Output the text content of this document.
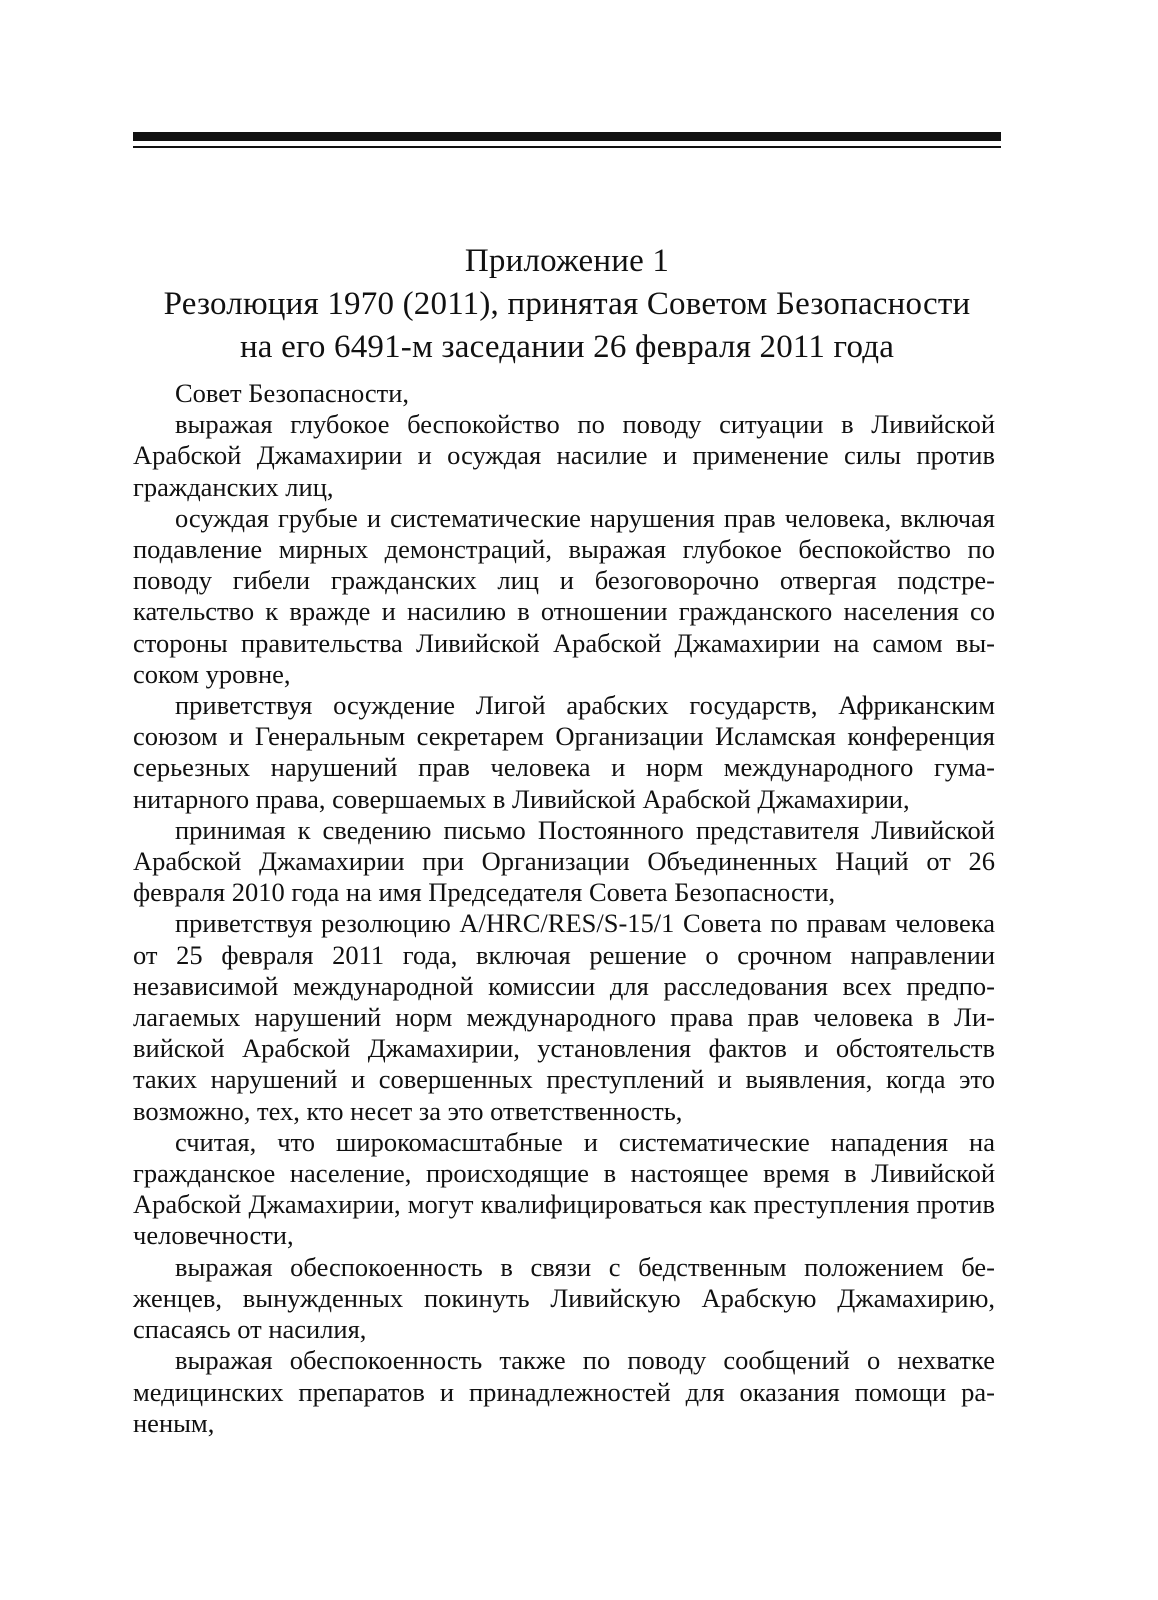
Приложение 1
Резолюция 1970 (2011), принятая Советом Безопасности
на его 6491-м заседании 26 февраля 2011 года

Совет Безопасности,

выражая глубокое беспокойство по поводу ситуации в Ливийской Арабской Джамахирии и осуждая насилие и применение силы против гражданских лиц,

осуждая грубые и систематические нарушения прав человека, включая подавление мирных демонстраций, выражая глубокое беспокойство по поводу гибели гражданских лиц и безоговорочно отвергая подстрекательство к вражде и насилию в отношении гражданского населения со стороны правительства Ливийской Арабской Джамахирии на самом высоком уровне,

приветствуя осуждение Лигой арабских государств, Африканским союзом и Генеральным секретарем Организации Исламская конференция серьезных нарушений прав человека и норм международного гуманитарного права, совершаемых в Ливийской Арабской Джамахирии,

принимая к сведению письмо Постоянного представителя Ливийской Арабской Джамахирии при Организации Объединенных Наций от 26 февраля 2010 года на имя Председателя Совета Безопасности,

приветствуя резолюцию A/HRC/RES/S-15/1 Совета по правам человека от 25 февраля 2011 года, включая решение о срочном направлении независимой международной комиссии для расследования всех предполагаемых нарушений норм международного права прав человека в Ливийской Арабской Джамахирии, установления фактов и обстоятельств таких нарушений и совершенных преступлений и выявления, когда это возможно, тех, кто несет за это ответственность,

считая, что широкомасштабные и систематические нападения на гражданское население, происходящие в настоящее время в Ливийской Арабской Джамахирии, могут квалифицироваться как преступления против человечности,

выражая обеспокоенность в связи с бедственным положением беженцев, вынужденных покинуть Ливийскую Арабскую Джамахирию, спасаясь от насилия,

выражая обеспокоенность также по поводу сообщений о нехватке медицинских препаратов и принадлежностей для оказания помощи раненым,
